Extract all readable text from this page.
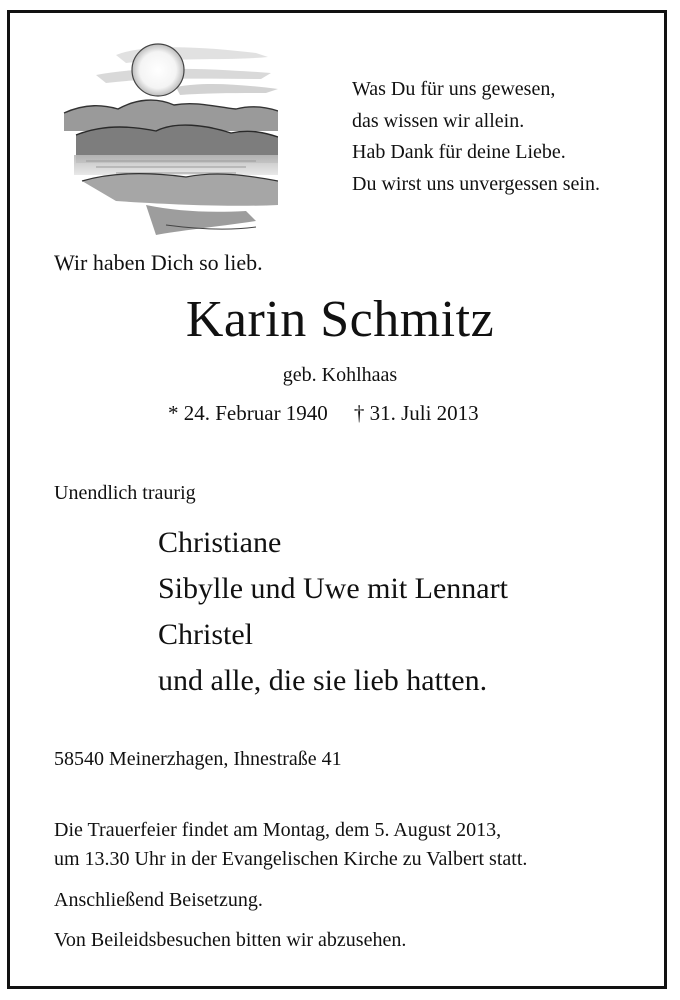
Was Du für uns gewesen,
das wissen wir allein.
Hab Dank für deine Liebe.
Du wirst uns unvergessen sein.
Wir haben Dich so lieb.
Karin Schmitz
geb. Kohlhaas
* 24. Februar 1940 † 31. Juli 2013
Unendlich traurig
Christiane
Sibylle und Uwe mit Lennart
Christel
und alle, die sie lieb hatten.
58540 Meinerzhagen, Ihnestraße 41
Die Trauerfeier findet am Montag, dem 5. August 2013,
um 13.30 Uhr in der Evangelischen Kirche zu Valbert statt.
Anschließend Beisetzung.
Von Beileidsbesuchen bitten wir abzusehen.
